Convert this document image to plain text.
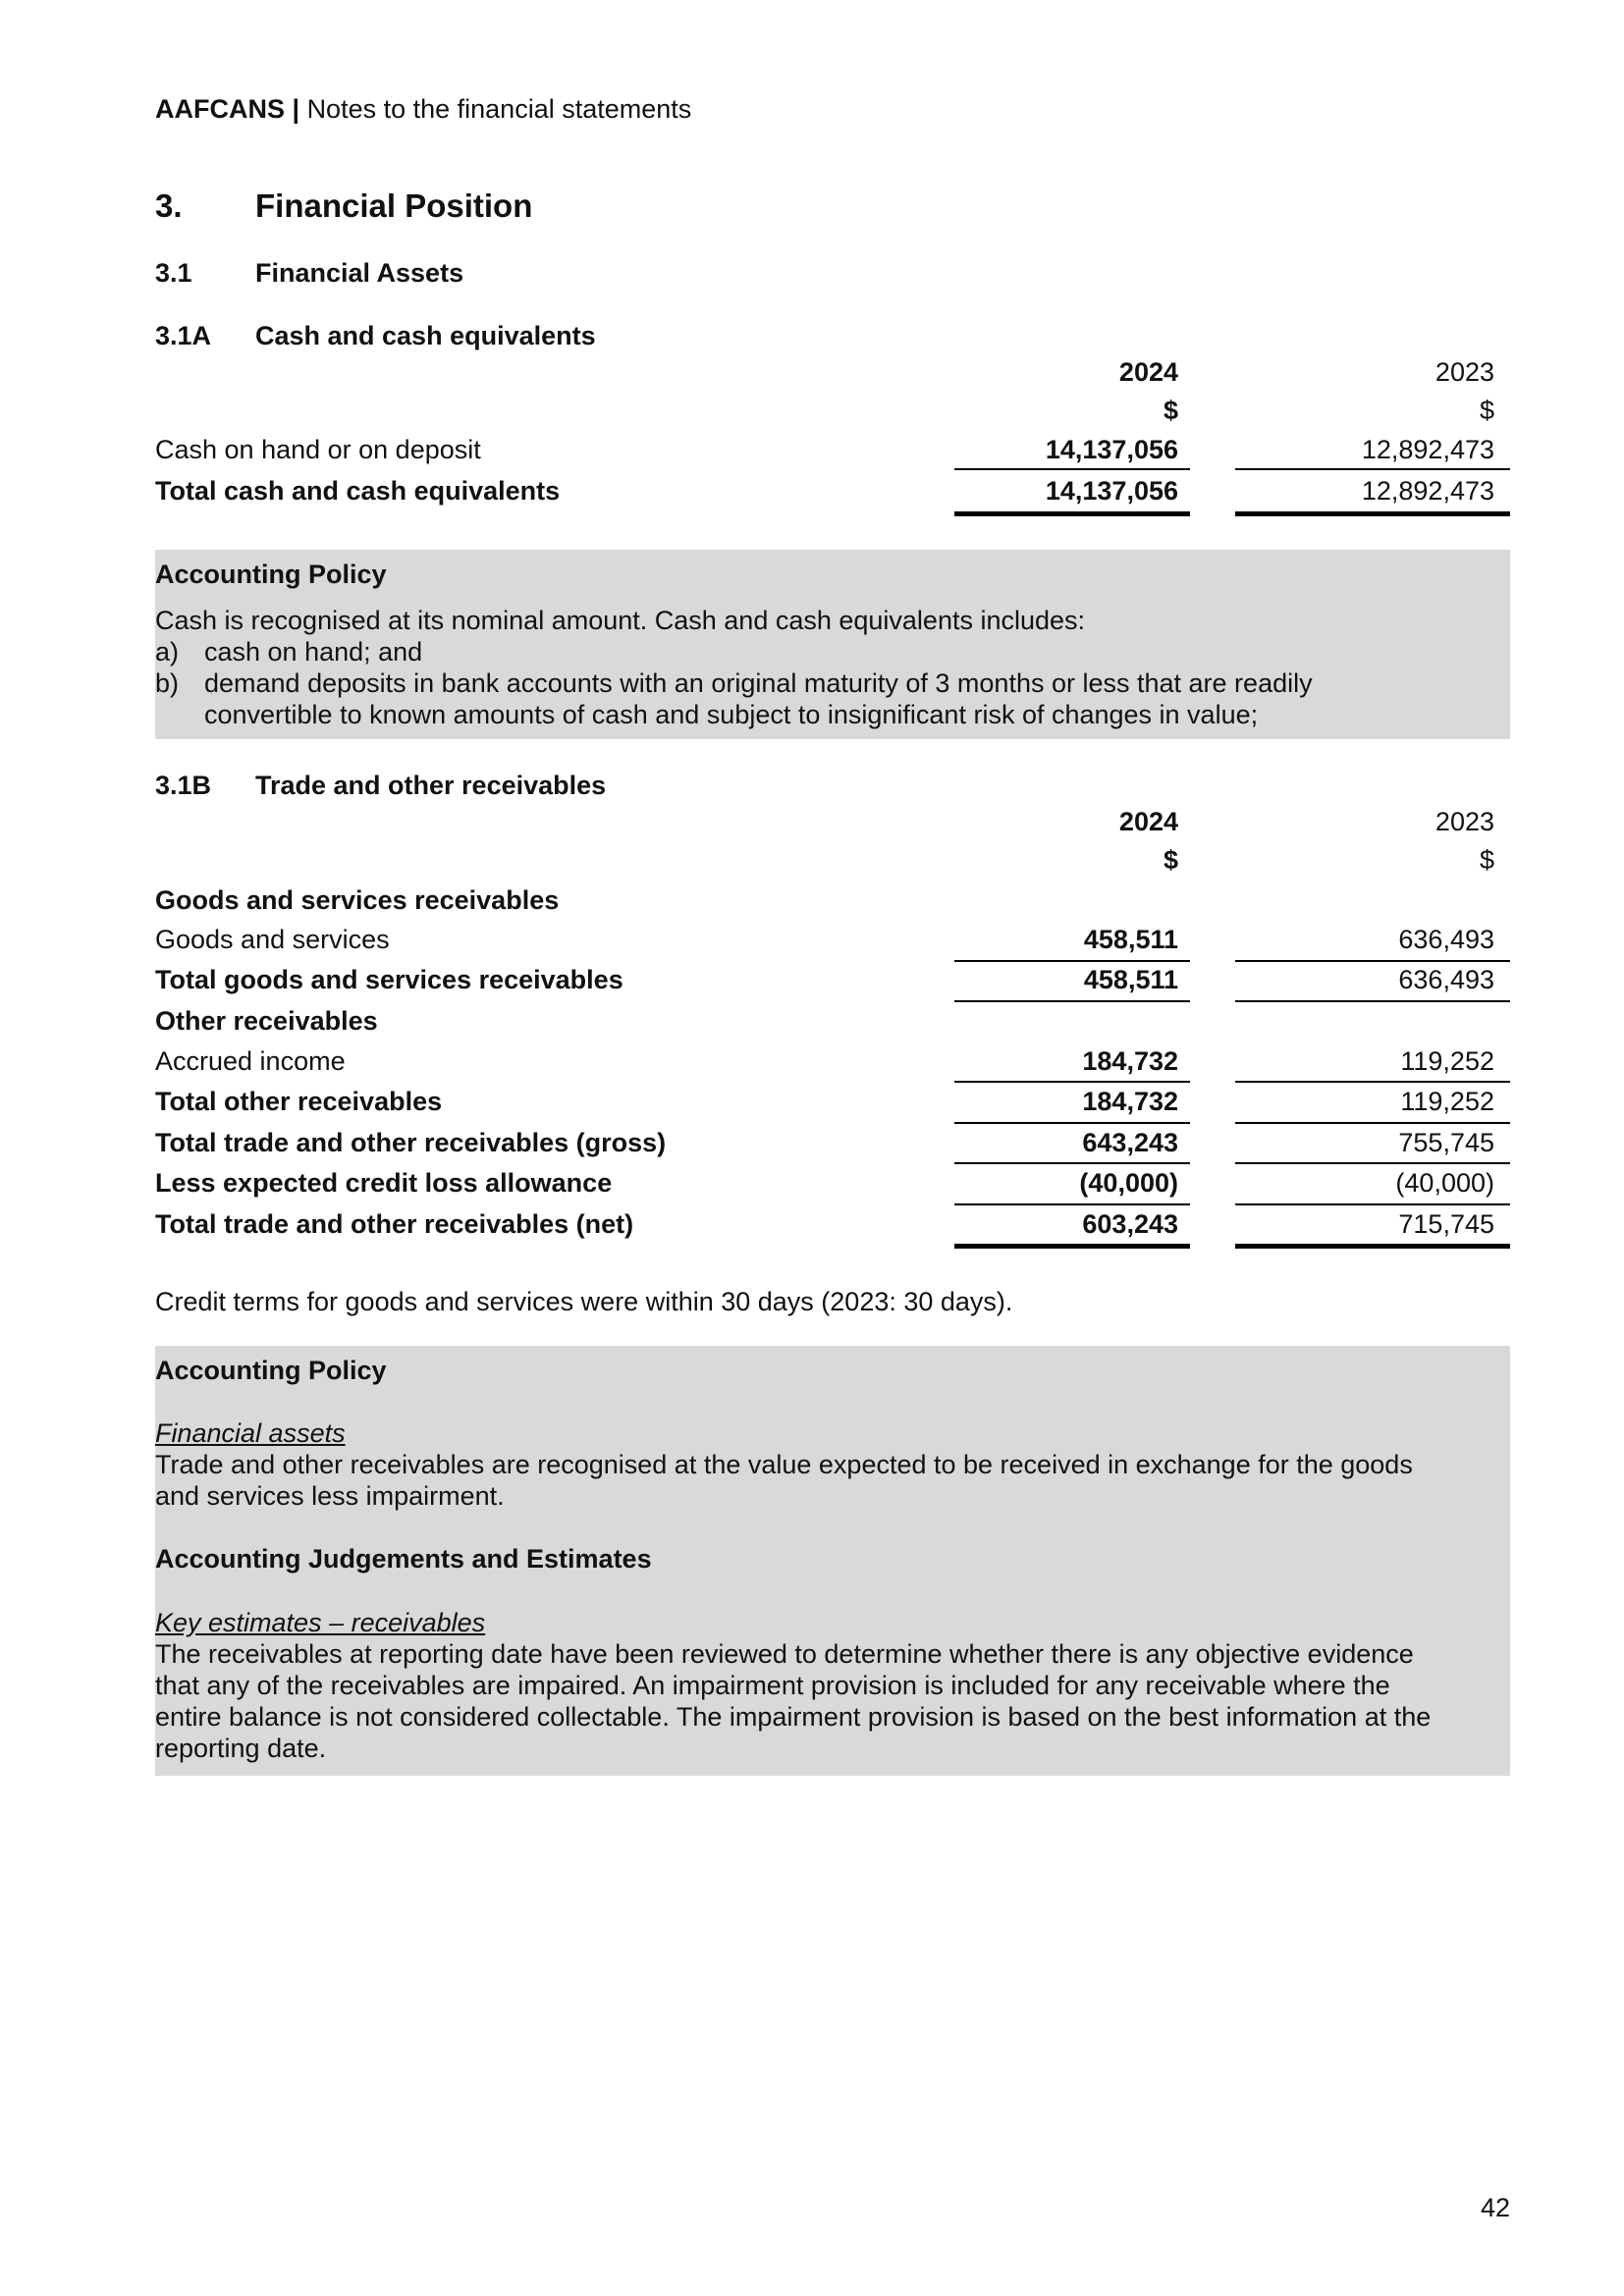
AAFCANS | Notes to the financial statements
3. Financial Position
3.1 Financial Assets
3.1A Cash and cash equivalents
2024	2023
$	$
Cash on hand or on deposit	14,137,056	12,892,473
Total cash and cash equivalents	14,137,056	12,892,473
Accounting Policy
Cash is recognised at its nominal amount. Cash and cash equivalents includes:
a) cash on hand; and
b) demand deposits in bank accounts with an original maturity of 3 months or less that are readily
convertible to known amounts of cash and subject to insignificant risk of changes in value;
3.1B Trade and other receivables
2024	2023
$	$
Goods and services receivables
Goods and services	458,511	636,493
Total goods and services receivables	458,511	636,493
Other receivables
Accrued income	184,732	119,252
Total other receivables	184,732	119,252
Total trade and other receivables (gross)	643,243	755,745
Less expected credit loss allowance	(40,000)	(40,000)
Total trade and other receivables (net)	603,243	715,745
Credit terms for goods and services were within 30 days (2023: 30 days).
Accounting Policy
Financial assets
Trade and other receivables are recognised at the value expected to be received in exchange for the goods
and services less impairment.
Accounting Judgements and Estimates
Key estimates – receivables
The receivables at reporting date have been reviewed to determine whether there is any objective evidence
that any of the receivables are impaired. An impairment provision is included for any receivable where the
entire balance is not considered collectable. The impairment provision is based on the best information at the
reporting date.
42
